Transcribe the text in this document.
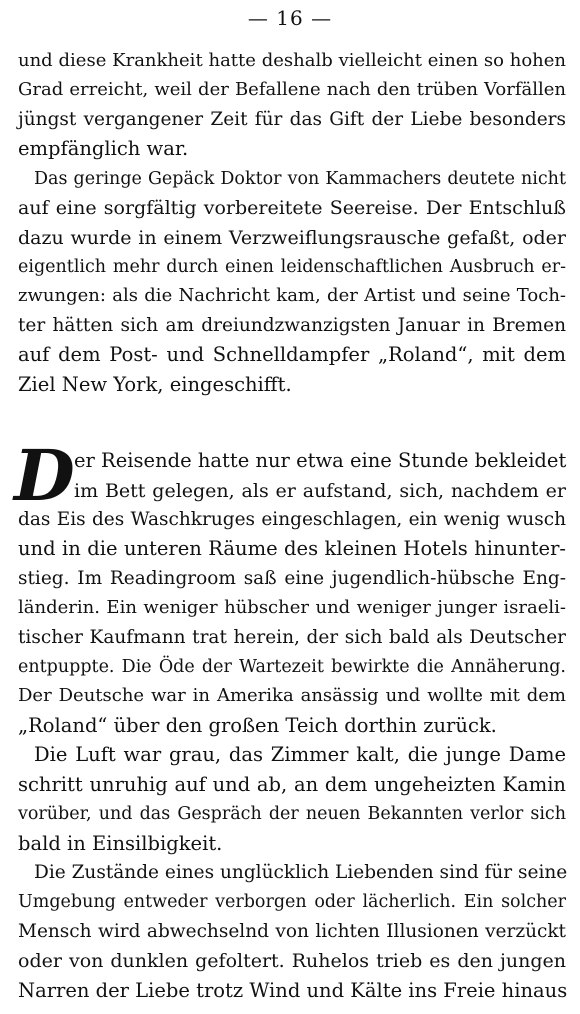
— 16 —
und diese Krankheit hatte deshalb vielleicht einen so hohen
Grad erreicht, weil der Befallene nach den trüben Vorfällen
jüngst vergangener Zeit für das Gift der Liebe besonders
empfänglich war.
Das geringe Gepäck Doktor von Kammachers deutete nicht
auf eine sorgfältig vorbereitete Seereise. Der Entschluß
dazu wurde in einem Verzweiflungsrausche gefaßt, oder
eigentlich mehr durch einen leidenschaftlichen Ausbruch er-
zwungen: als die Nachricht kam, der Artist und seine Toch-
ter hätten sich am dreiundzwanzigsten Januar in Bremen
auf dem Post- und Schnelldampfer „Roland“, mit dem
Ziel New York, eingeschifft.
D er Reisende hatte nur etwa eine Stunde bekleidet
im Bett gelegen, als er aufstand, sich, nachdem er
das Eis des Waschkruges eingeschlagen, ein wenig wusch
und in die unteren Räume des kleinen Hotels hinunter-
stieg. Im Readingroom saß eine jugendlich-hübsche Eng-
länderin. Ein weniger hübscher und weniger junger israeli-
tischer Kaufmann trat herein, der sich bald als Deutscher
entpuppte. Die Öde der Wartezeit bewirkte die Annäherung.
Der Deutsche war in Amerika ansässig und wollte mit dem
„Roland“ über den großen Teich dorthin zurück.
Die Luft war grau, das Zimmer kalt, die junge Dame
schritt unruhig auf und ab, an dem ungeheizten Kamin
vorüber, und das Gespräch der neuen Bekannten verlor sich
bald in Einsilbigkeit.
Die Zustände eines unglücklich Liebenden sind für seine
Umgebung entweder verborgen oder lächerlich. Ein solcher
Mensch wird abwechselnd von lichten Illusionen verzückt
oder von dunklen gefoltert. Ruhelos trieb es den jungen
Narren der Liebe trotz Wind und Kälte ins Freie hinaus
